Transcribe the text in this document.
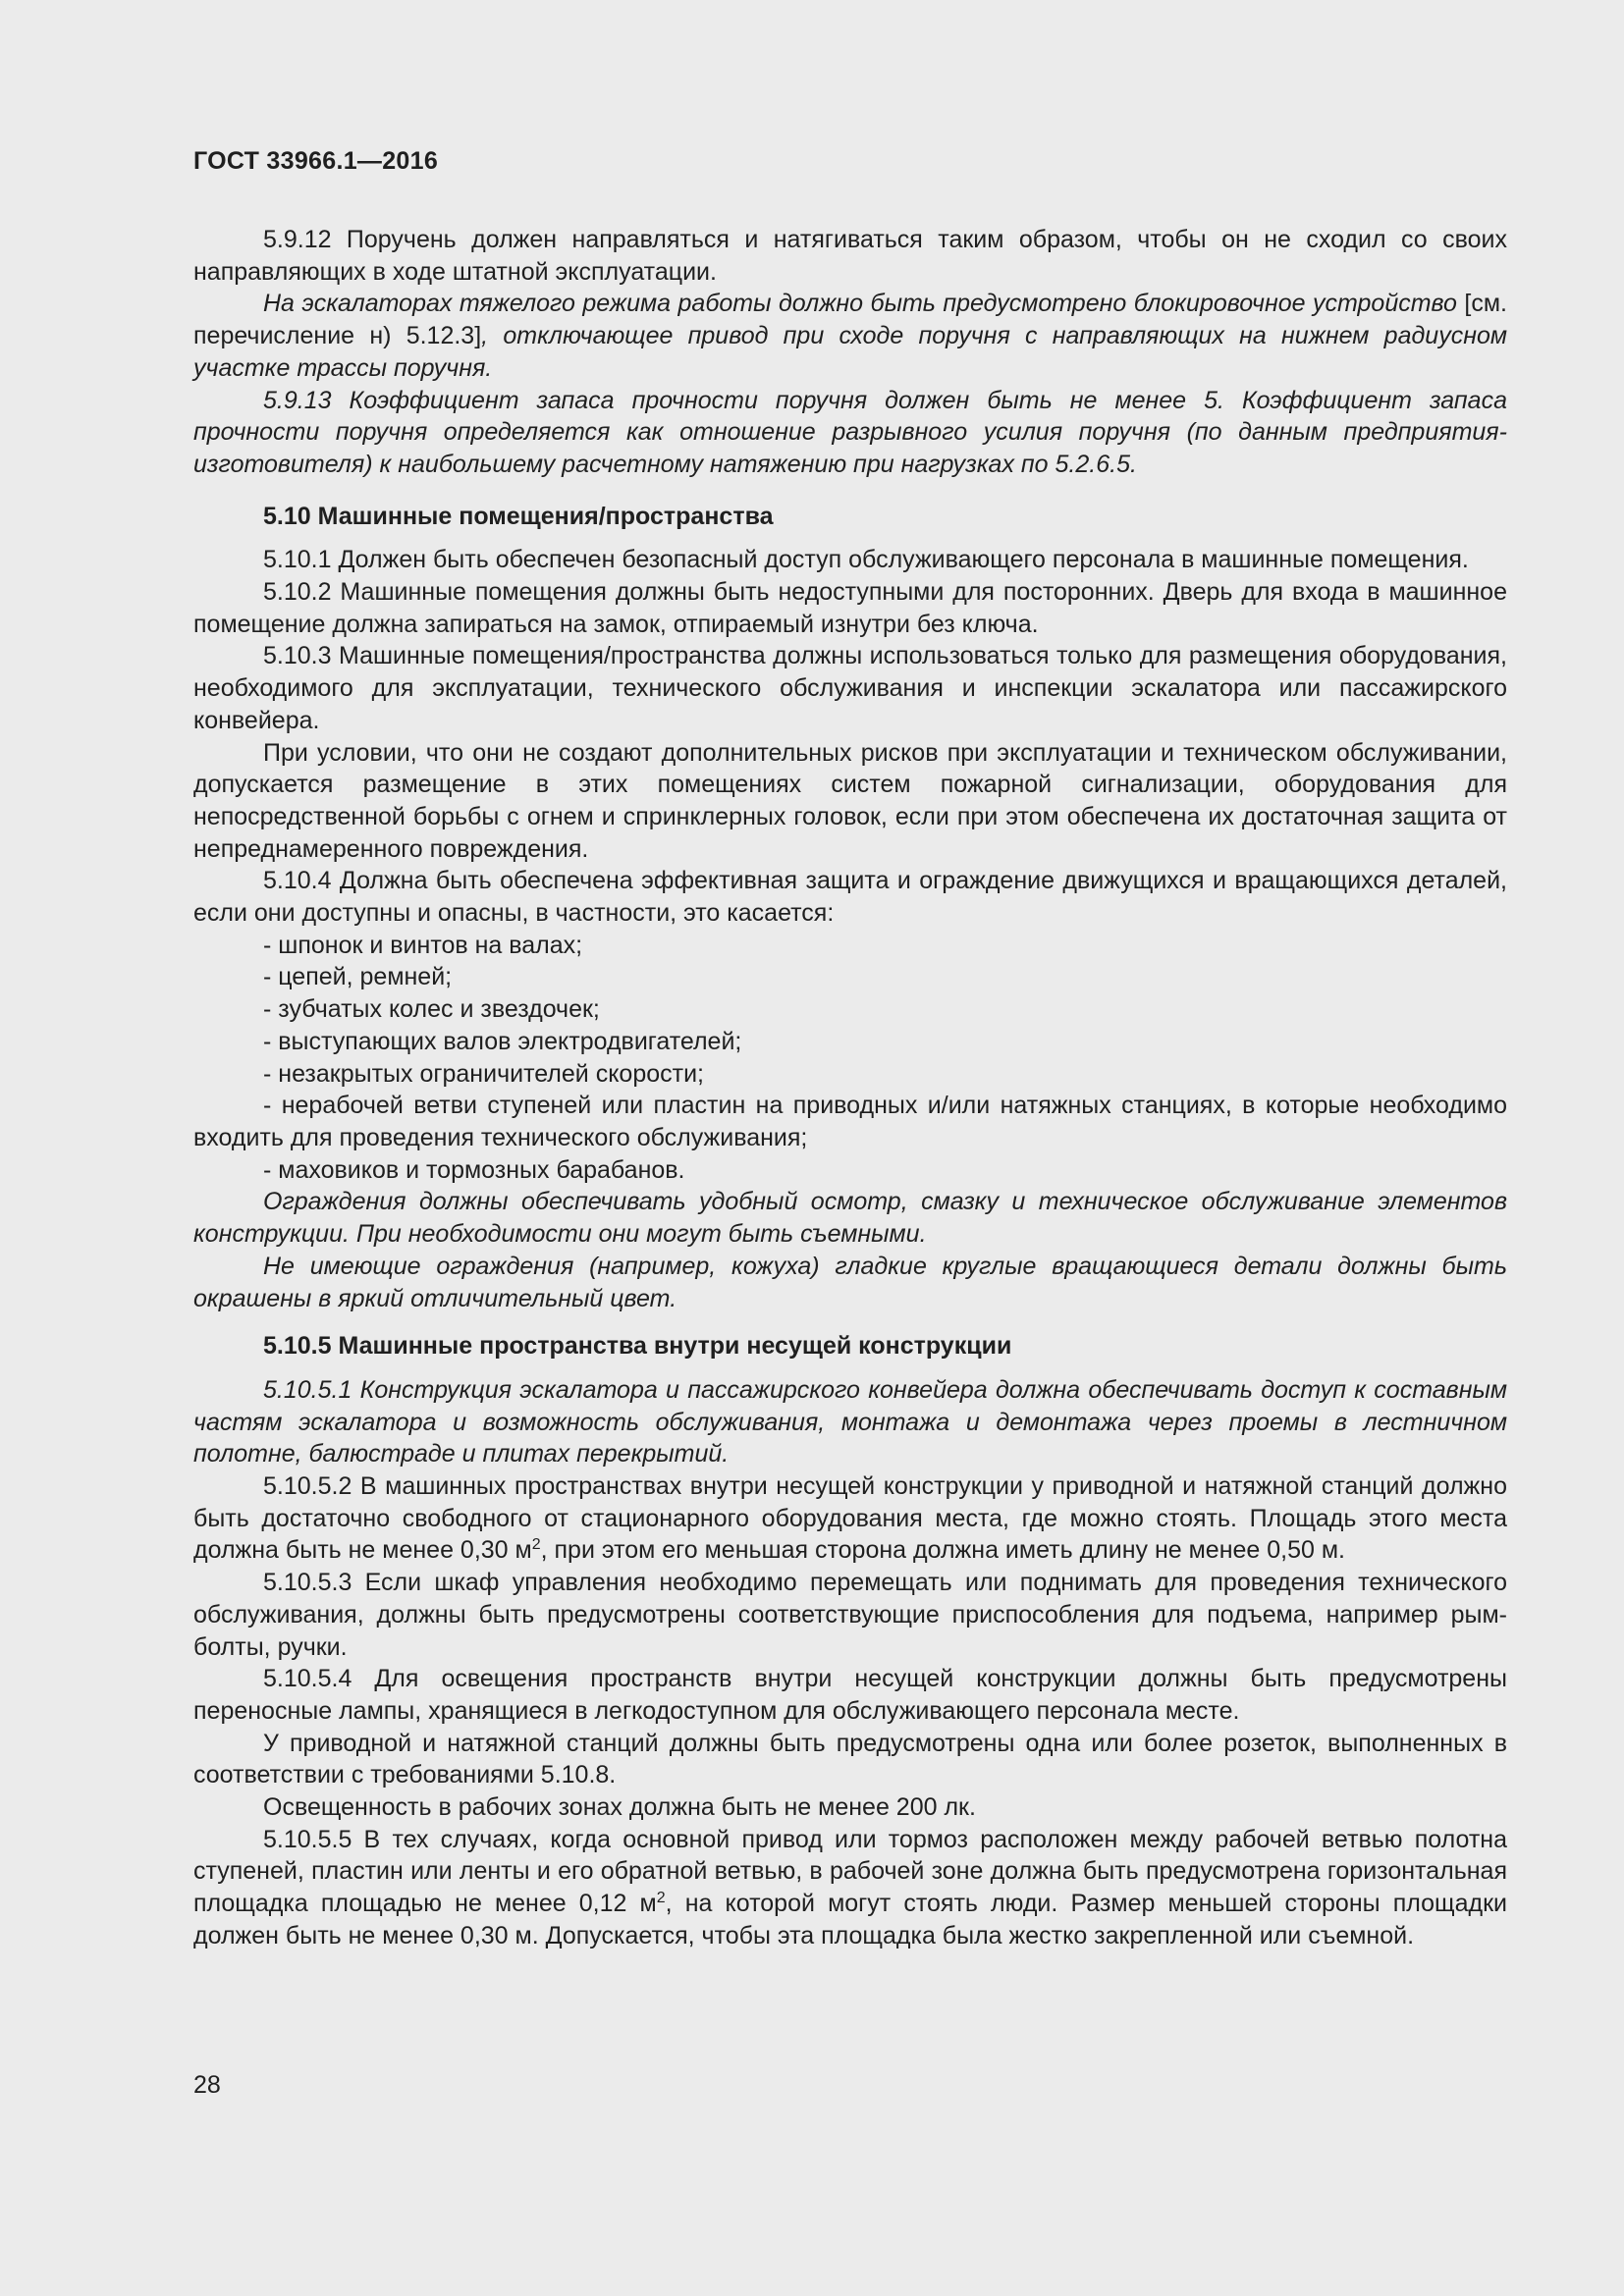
ГОСТ 33966.1—2016

5.9.12 Поручень должен направляться и натягиваться таким образом, чтобы он не сходил со своих направляющих в ходе штатной эксплуатации.

На эскалаторах тяжелого режима работы должно быть предусмотрено блокировочное устройство [см. перечисление н) 5.12.3], отключающее привод при сходе поручня с направляющих на нижнем радиусном участке трассы поручня.

5.9.13 Коэффициент запаса прочности поручня должен быть не менее 5. Коэффициент запаса прочности поручня определяется как отношение разрывного усилия поручня (по данным предприятия-изготовителя) к наибольшему расчетному натяжению при нагрузках по 5.2.6.5.

5.10 Машинные помещения/пространства

5.10.1 Должен быть обеспечен безопасный доступ обслуживающего персонала в машинные помещения.

5.10.2 Машинные помещения должны быть недоступными для посторонних. Дверь для входа в машинное помещение должна запираться на замок, отпираемый изнутри без ключа.

5.10.3 Машинные помещения/пространства должны использоваться только для размещения оборудования, необходимого для эксплуатации, технического обслуживания и инспекции эскалатора или пассажирского конвейера.

При условии, что они не создают дополнительных рисков при эксплуатации и техническом обслуживании, допускается размещение в этих помещениях систем пожарной сигнализации, оборудования для непосредственной борьбы с огнем и спринклерных головок, если при этом обеспечена их достаточная защита от непреднамеренного повреждения.

5.10.4 Должна быть обеспечена эффективная защита и ограждение движущихся и вращающихся деталей, если они доступны и опасны, в частности, это касается:

- шпонок и винтов на валах;

- цепей, ремней;

- зубчатых колес и звездочек;

- выступающих валов электродвигателей;

- незакрытых ограничителей скорости;

- нерабочей ветви ступеней или пластин на приводных и/или натяжных станциях, в которые необходимо входить для проведения технического обслуживания;

- маховиков и тормозных барабанов.

Ограждения должны обеспечивать удобный осмотр, смазку и техническое обслуживание элементов конструкции. При необходимости они могут быть съемными.

Не имеющие ограждения (например, кожуха) гладкие круглые вращающиеся детали должны быть окрашены в яркий отличительный цвет.

5.10.5 Машинные пространства внутри несущей конструкции

5.10.5.1 Конструкция эскалатора и пассажирского конвейера должна обеспечивать доступ к составным частям эскалатора и возможность обслуживания, монтажа и демонтажа через проемы в лестничном полотне, балюстраде и плитах перекрытий.

5.10.5.2 В машинных пространствах внутри несущей конструкции у приводной и натяжной станций должно быть достаточно свободного от стационарного оборудования места, где можно стоять. Площадь этого места должна быть не менее 0,30 $м^2$, при этом его меньшая сторона должна иметь длину не менее 0,50 м.

5.10.5.3 Если шкаф управления необходимо перемещать или поднимать для проведения технического обслуживания, должны быть предусмотрены соответствующие приспособления для подъема, например рым-болты, ручки.

5.10.5.4 Для освещения пространств внутри несущей конструкции должны быть предусмотрены переносные лампы, хранящиеся в легкодоступном для обслуживающего персонала месте.

У приводной и натяжной станций должны быть предусмотрены одна или более розеток, выполненных в соответствии с требованиями 5.10.8.

Освещенность в рабочих зонах должна быть не менее 200 лк.

5.10.5.5 В тех случаях, когда основной привод или тормоз расположен между рабочей ветвью полотна ступеней, пластин или ленты и его обратной ветвью, в рабочей зоне должна быть предусмотрена горизонтальная площадка площадью не менее 0,12 $м^2$, на которой могут стоять люди. Размер меньшей стороны площадки должен быть не менее 0,30 м. Допускается, чтобы эта площадка была жестко закрепленной или съемной.

28
